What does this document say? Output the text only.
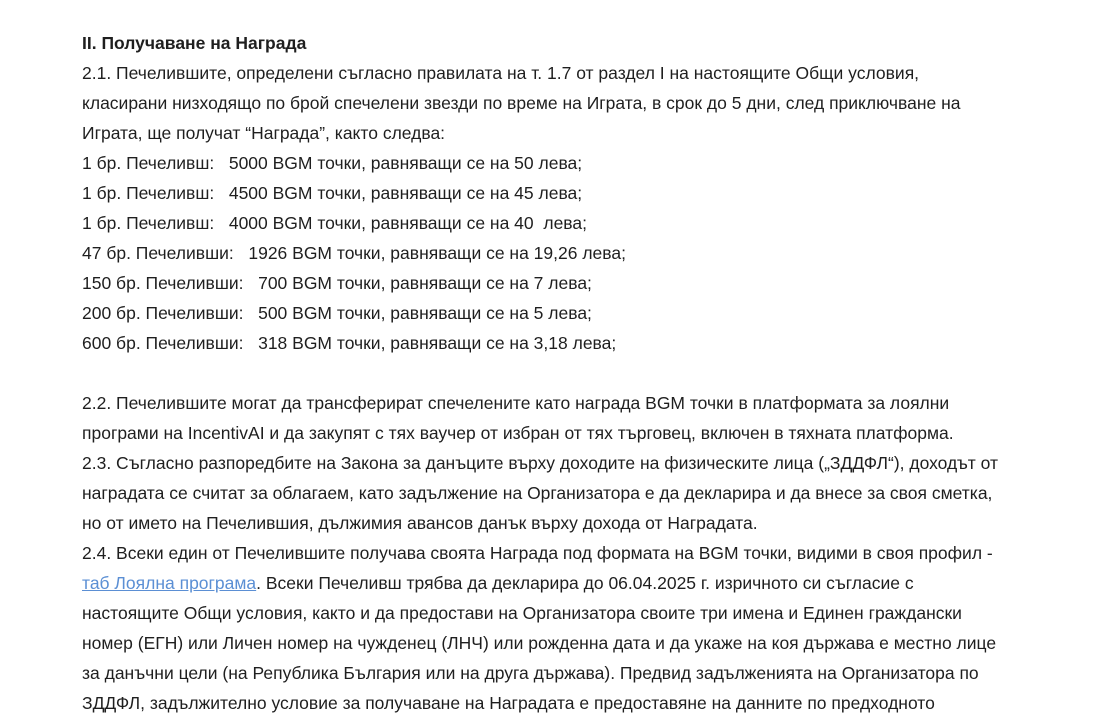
II. Получаване на Награда

2.1. Печелившите, определени съгласно правилата на т. 1.7 от раздел I на настоящите Общи условия,

класирани низходящо по брой спечелени звезди по време на Играта, в срок до 5 дни, след приключване на

Играта, ще получат “Награда”, както следва:

1 бр. Печеливш:   5000 BGM точки, равняващи се на 50 лева;

1 бр. Печеливш:   4500 BGM точки, равняващи се на 45 лева;

1 бр. Печеливш:   4000 BGM точки, равняващи се на 40  лева;

47 бр. Печеливши:   1926 BGM точки, равняващи се на 19,26 лева;

150 бр. Печеливши:   700 BGM точки, равняващи се на 7 лева;

200 бр. Печеливши:   500 BGM точки, равняващи се на 5 лева;

600 бр. Печеливши:   318 BGM точки, равняващи се на 3,18 лева;

2.2. Печелившите могат да трансферират спечелените като награда BGM точки в платформата за лоялни

програми на IncentivAI и да закупят с тях ваучер от избран от тях търговец, включен в тяхната платформа.

2.3. Съгласно разпоредбите на Закона за данъците върху доходите на физическите лица („ЗДДФЛ“), доходът от

наградата се считат за облагаем, като задължение на Организатора е да декларира и да внесе за своя сметка,

но от името на Печелившия, дължимия авансов данък върху дохода от Наградата.

2.4. Всеки един от Печелившите получава своята Награда под формата на BGM точки, видими в своя профил -

таб Лоялна програма. Всеки Печеливш трябва да декларира до 06.04.2025 г. изричното си съгласие с

настоящите Общи условия, както и да предостави на Организатора своите три имена и Единен граждански

номер (ЕГН) или Личен номер на чужденец (ЛНЧ) или рожденна дата и да укаже на коя държава е местно лице

за данъчни цели (на Република България или на друга държава). Предвид задълженията на Организатора по

ЗДДФЛ, задължително условие за получаване на Наградата е предоставяне на данните по предходното
